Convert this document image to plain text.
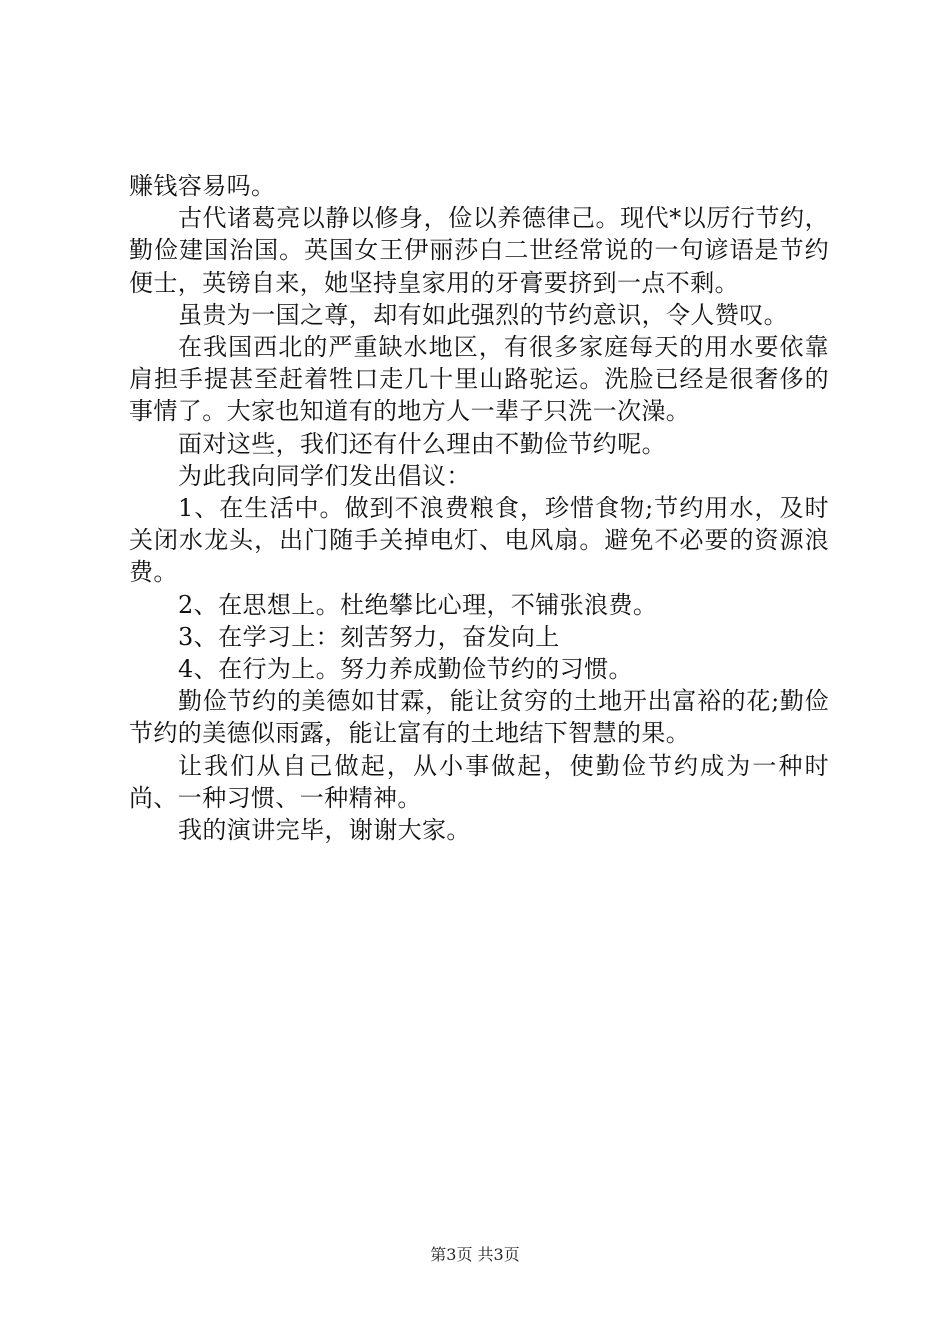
赚钱容易吗。

古代诸葛亮以静以修身，俭以养德律己。现代*以厉行节约，勤俭建国治国。英国女王伊丽莎白二世经常说的一句谚语是节约便士，英镑自来，她坚持皇家用的牙膏要挤到一点不剩。

虽贵为一国之尊，却有如此强烈的节约意识，令人赞叹。

在我国西北的严重缺水地区，有很多家庭每天的用水要依靠肩担手提甚至赶着牲口走几十里山路驼运。洗脸已经是很奢侈的事情了。大家也知道有的地方人一辈子只洗一次澡。

面对这些，我们还有什么理由不勤俭节约呢。

为此我向同学们发出倡议：

1、在生活中。做到不浪费粮食，珍惜食物;节约用水，及时关闭水龙头，出门随手关掉电灯、电风扇。避免不必要的资源浪费。

2、在思想上。杜绝攀比心理，不铺张浪费。

3、在学习上：刻苦努力，奋发向上

4、在行为上。努力养成勤俭节约的习惯。

勤俭节约的美德如甘霖，能让贫穷的土地开出富裕的花;勤俭节约的美德似雨露，能让富有的土地结下智慧的果。

让我们从自己做起，从小事做起，使勤俭节约成为一种时尚、一种习惯、一种精神。

我的演讲完毕，谢谢大家。

第3页 共3页
